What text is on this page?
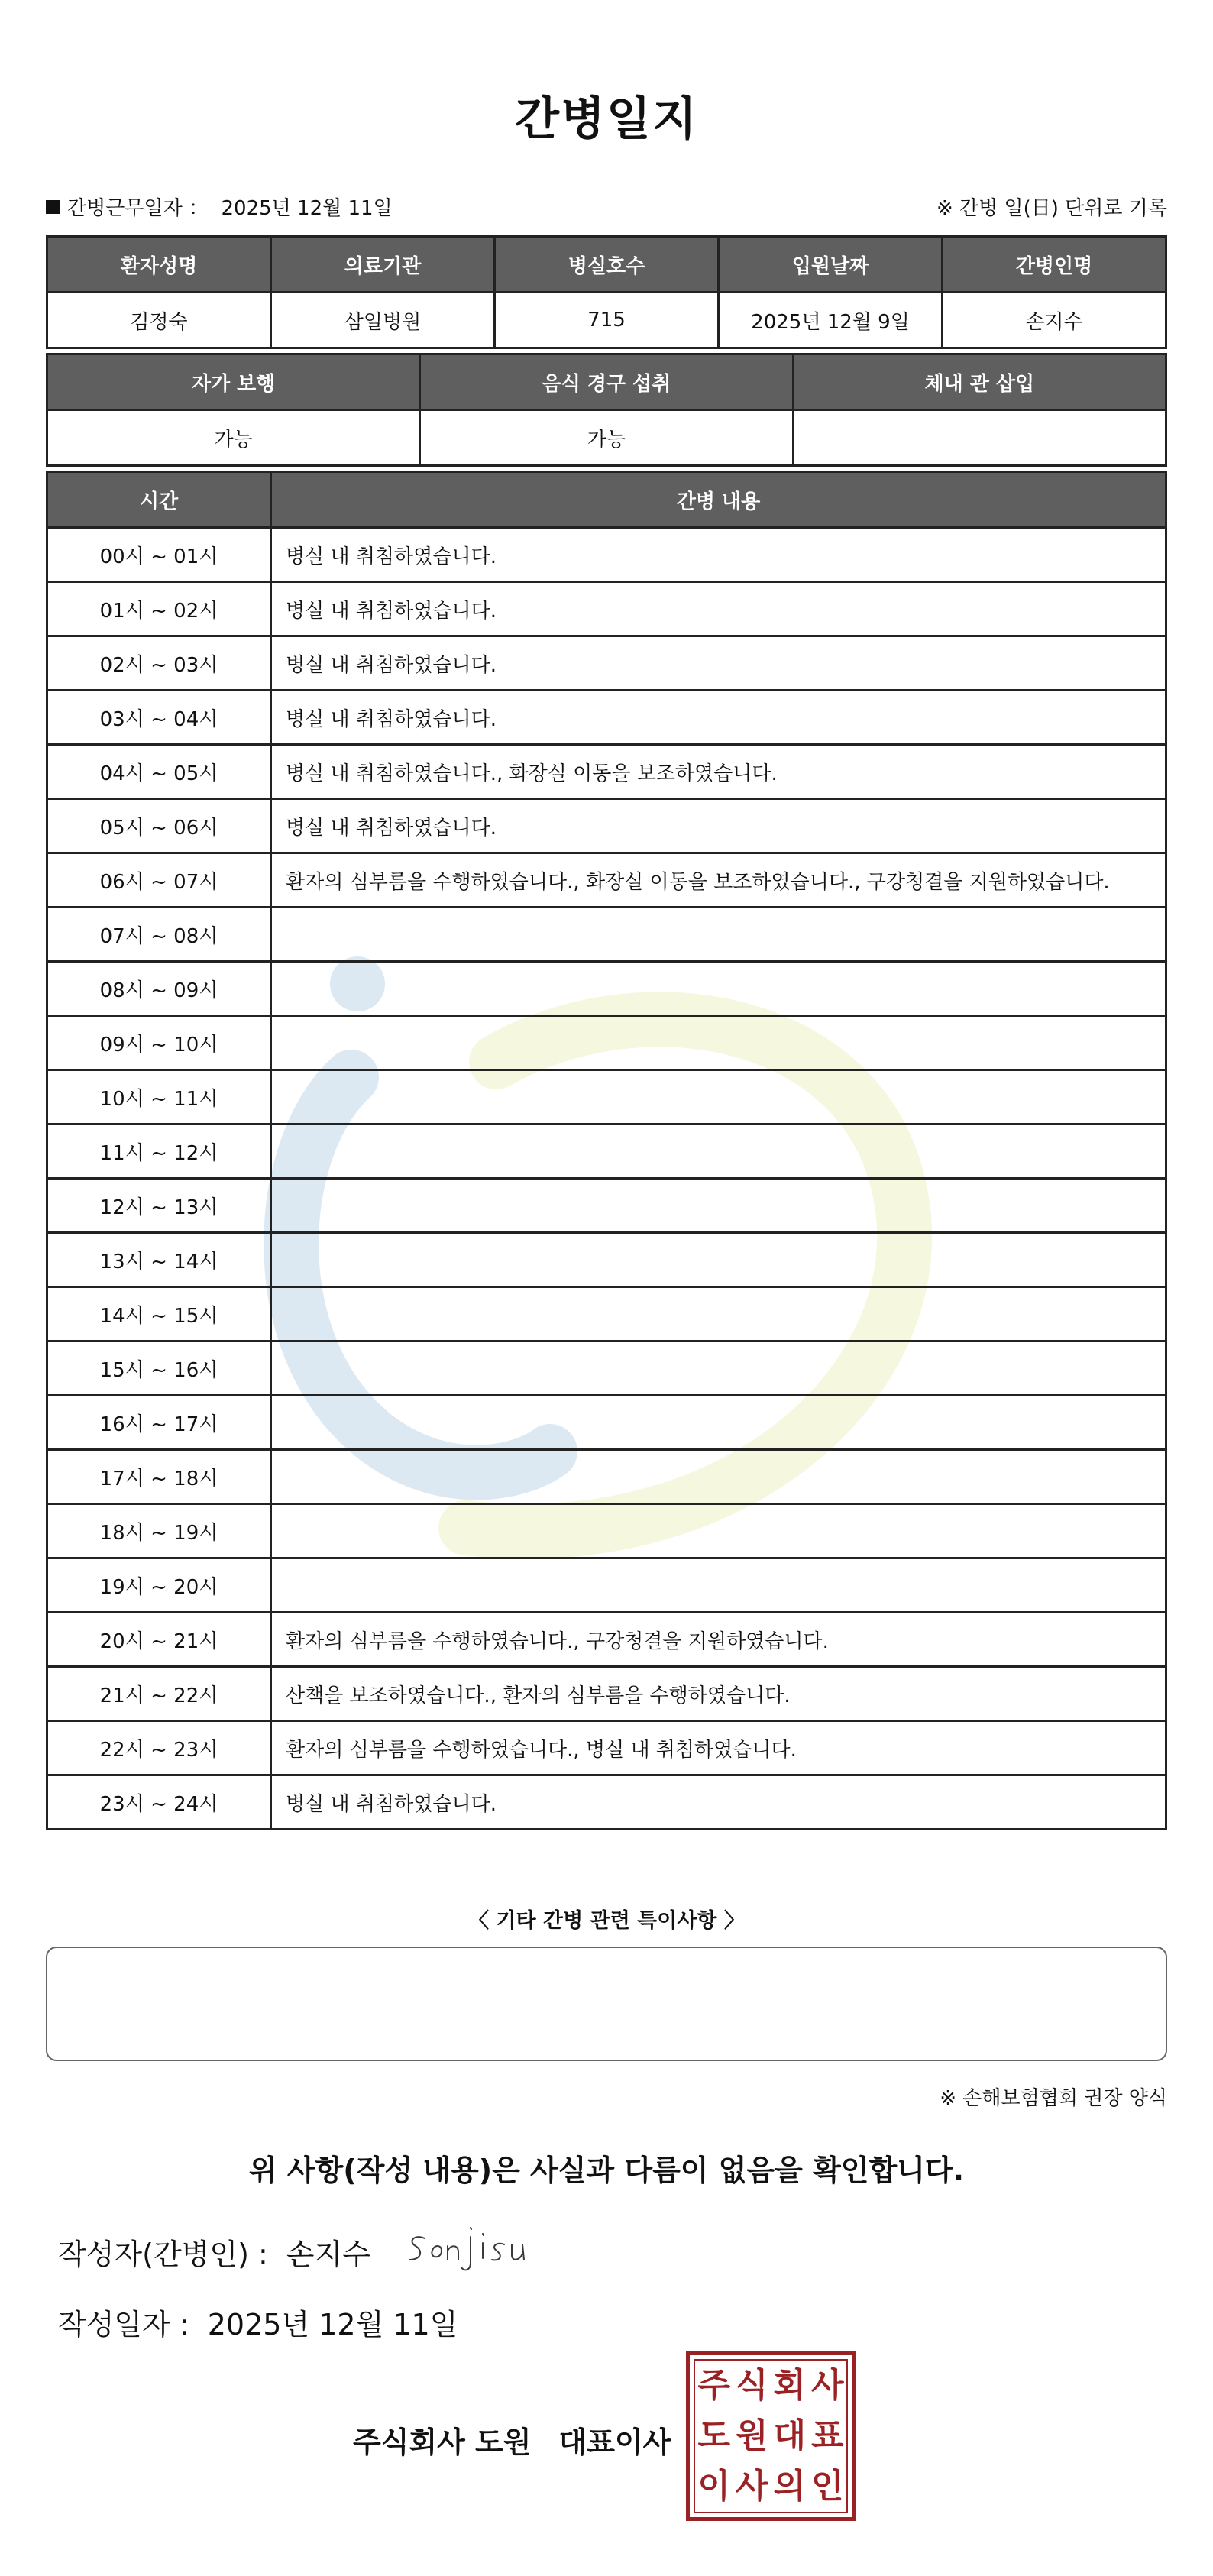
간병일지
간병근무일자 ： 2025년 12월 11일	※ 간병 일(日) 단위로 기록
환자성명	의료기관	병실호수	입원날짜	간병인명
김정숙	삼일병원	715	2025년 12월 9일	손지수
자가 보행	음식 경구 섭취	체내 관 삽입
가능	가능	
시간	간병 내용
00시 ~ 01시	병실 내 취침하였습니다.
01시 ~ 02시	병실 내 취침하였습니다.
02시 ~ 03시	병실 내 취침하였습니다.
03시 ~ 04시	병실 내 취침하였습니다.
04시 ~ 05시	병실 내 취침하였습니다., 화장실 이동을 보조하였습니다.
05시 ~ 06시	병실 내 취침하였습니다.
06시 ~ 07시	환자의 심부름을 수행하였습니다., 화장실 이동을 보조하였습니다., 구강청결을 지원하였습니다.
07시 ~ 08시	
08시 ~ 09시	
09시 ~ 10시	
10시 ~ 11시	
11시 ~ 12시	
12시 ~ 13시	
13시 ~ 14시	
14시 ~ 15시	
15시 ~ 16시	
16시 ~ 17시	
17시 ~ 18시	
18시 ~ 19시	
19시 ~ 20시	
20시 ~ 21시	환자의 심부름을 수행하였습니다., 구강청결을 지원하였습니다.
21시 ~ 22시	산책을 보조하였습니다., 환자의 심부름을 수행하였습니다.
22시 ~ 23시	환자의 심부름을 수행하였습니다., 병실 내 취침하였습니다.
23시 ~ 24시	병실 내 취침하였습니다.
〈 기타 간병 관련 특이사항 〉
※ 손해보험협회 권장 양식
위 사항(작성 내용)은 사실과 다름이 없음을 확인합니다.
작성자(간병인) : 손지수
작성일자 : 2025년 12월 11일
주식회사 도원 대표이사
주 식 회 사
도 원 대 표
이 사 의 인
